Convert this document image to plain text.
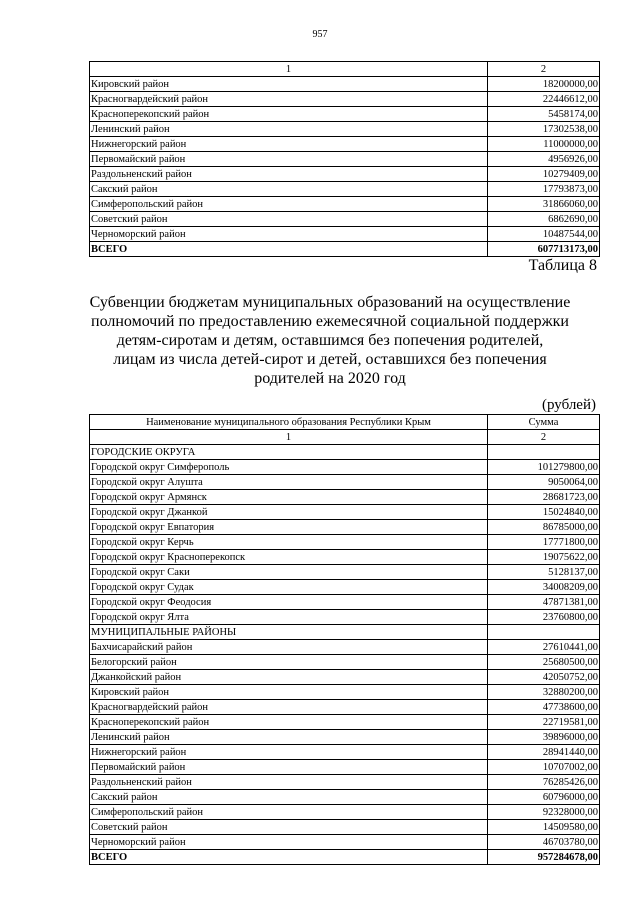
957
1	2
Кировский район	18200000,00
Красногвардейский район	22446612,00
Красноперекопский район	5458174,00
Ленинский район	17302538,00
Нижнегорский район	11000000,00
Первомайский район	4956926,00
Раздольненский район	10279409,00
Сакский район	17793873,00
Симферопольский район	31866060,00
Советский район	6862690,00
Черноморский район	10487544,00
ВСЕГО	607713173,00
Таблица 8
Субвенции бюджетам муниципальных образований на осуществление
полномочий по предоставлению ежемесячной социальной поддержки
детям-сиротам и детям, оставшимся без попечения родителей,
лицам из числа детей-сирот и детей, оставшихся без попечения
родителей на 2020 год
(рублей)
Наименование муниципального образования Республики Крым	Сумма
1	2
ГОРОДСКИЕ ОКРУГА	
Городской округ Симферополь	101279800,00
Городской округ Алушта	9050064,00
Городской округ Армянск	28681723,00
Городской округ Джанкой	15024840,00
Городской округ Евпатория	86785000,00
Городской округ Керчь	17771800,00
Городской округ Красноперекопск	19075622,00
Городской округ Саки	5128137,00
Городской округ Судак	34008209,00
Городской округ Феодосия	47871381,00
Городской округ Ялта	23760800,00
МУНИЦИПАЛЬНЫЕ РАЙОНЫ	
Бахчисарайский район	27610441,00
Белогорский район	25680500,00
Джанкойский район	42050752,00
Кировский район	32880200,00
Красногвардейский район	47738600,00
Красноперекопский район	22719581,00
Ленинский район	39896000,00
Нижнегорский район	28941440,00
Первомайский район	10707002,00
Раздольненский район	76285426,00
Сакский район	60796000,00
Симферопольский район	92328000,00
Советский район	14509580,00
Черноморский район	46703780,00
ВСЕГО	957284678,00
